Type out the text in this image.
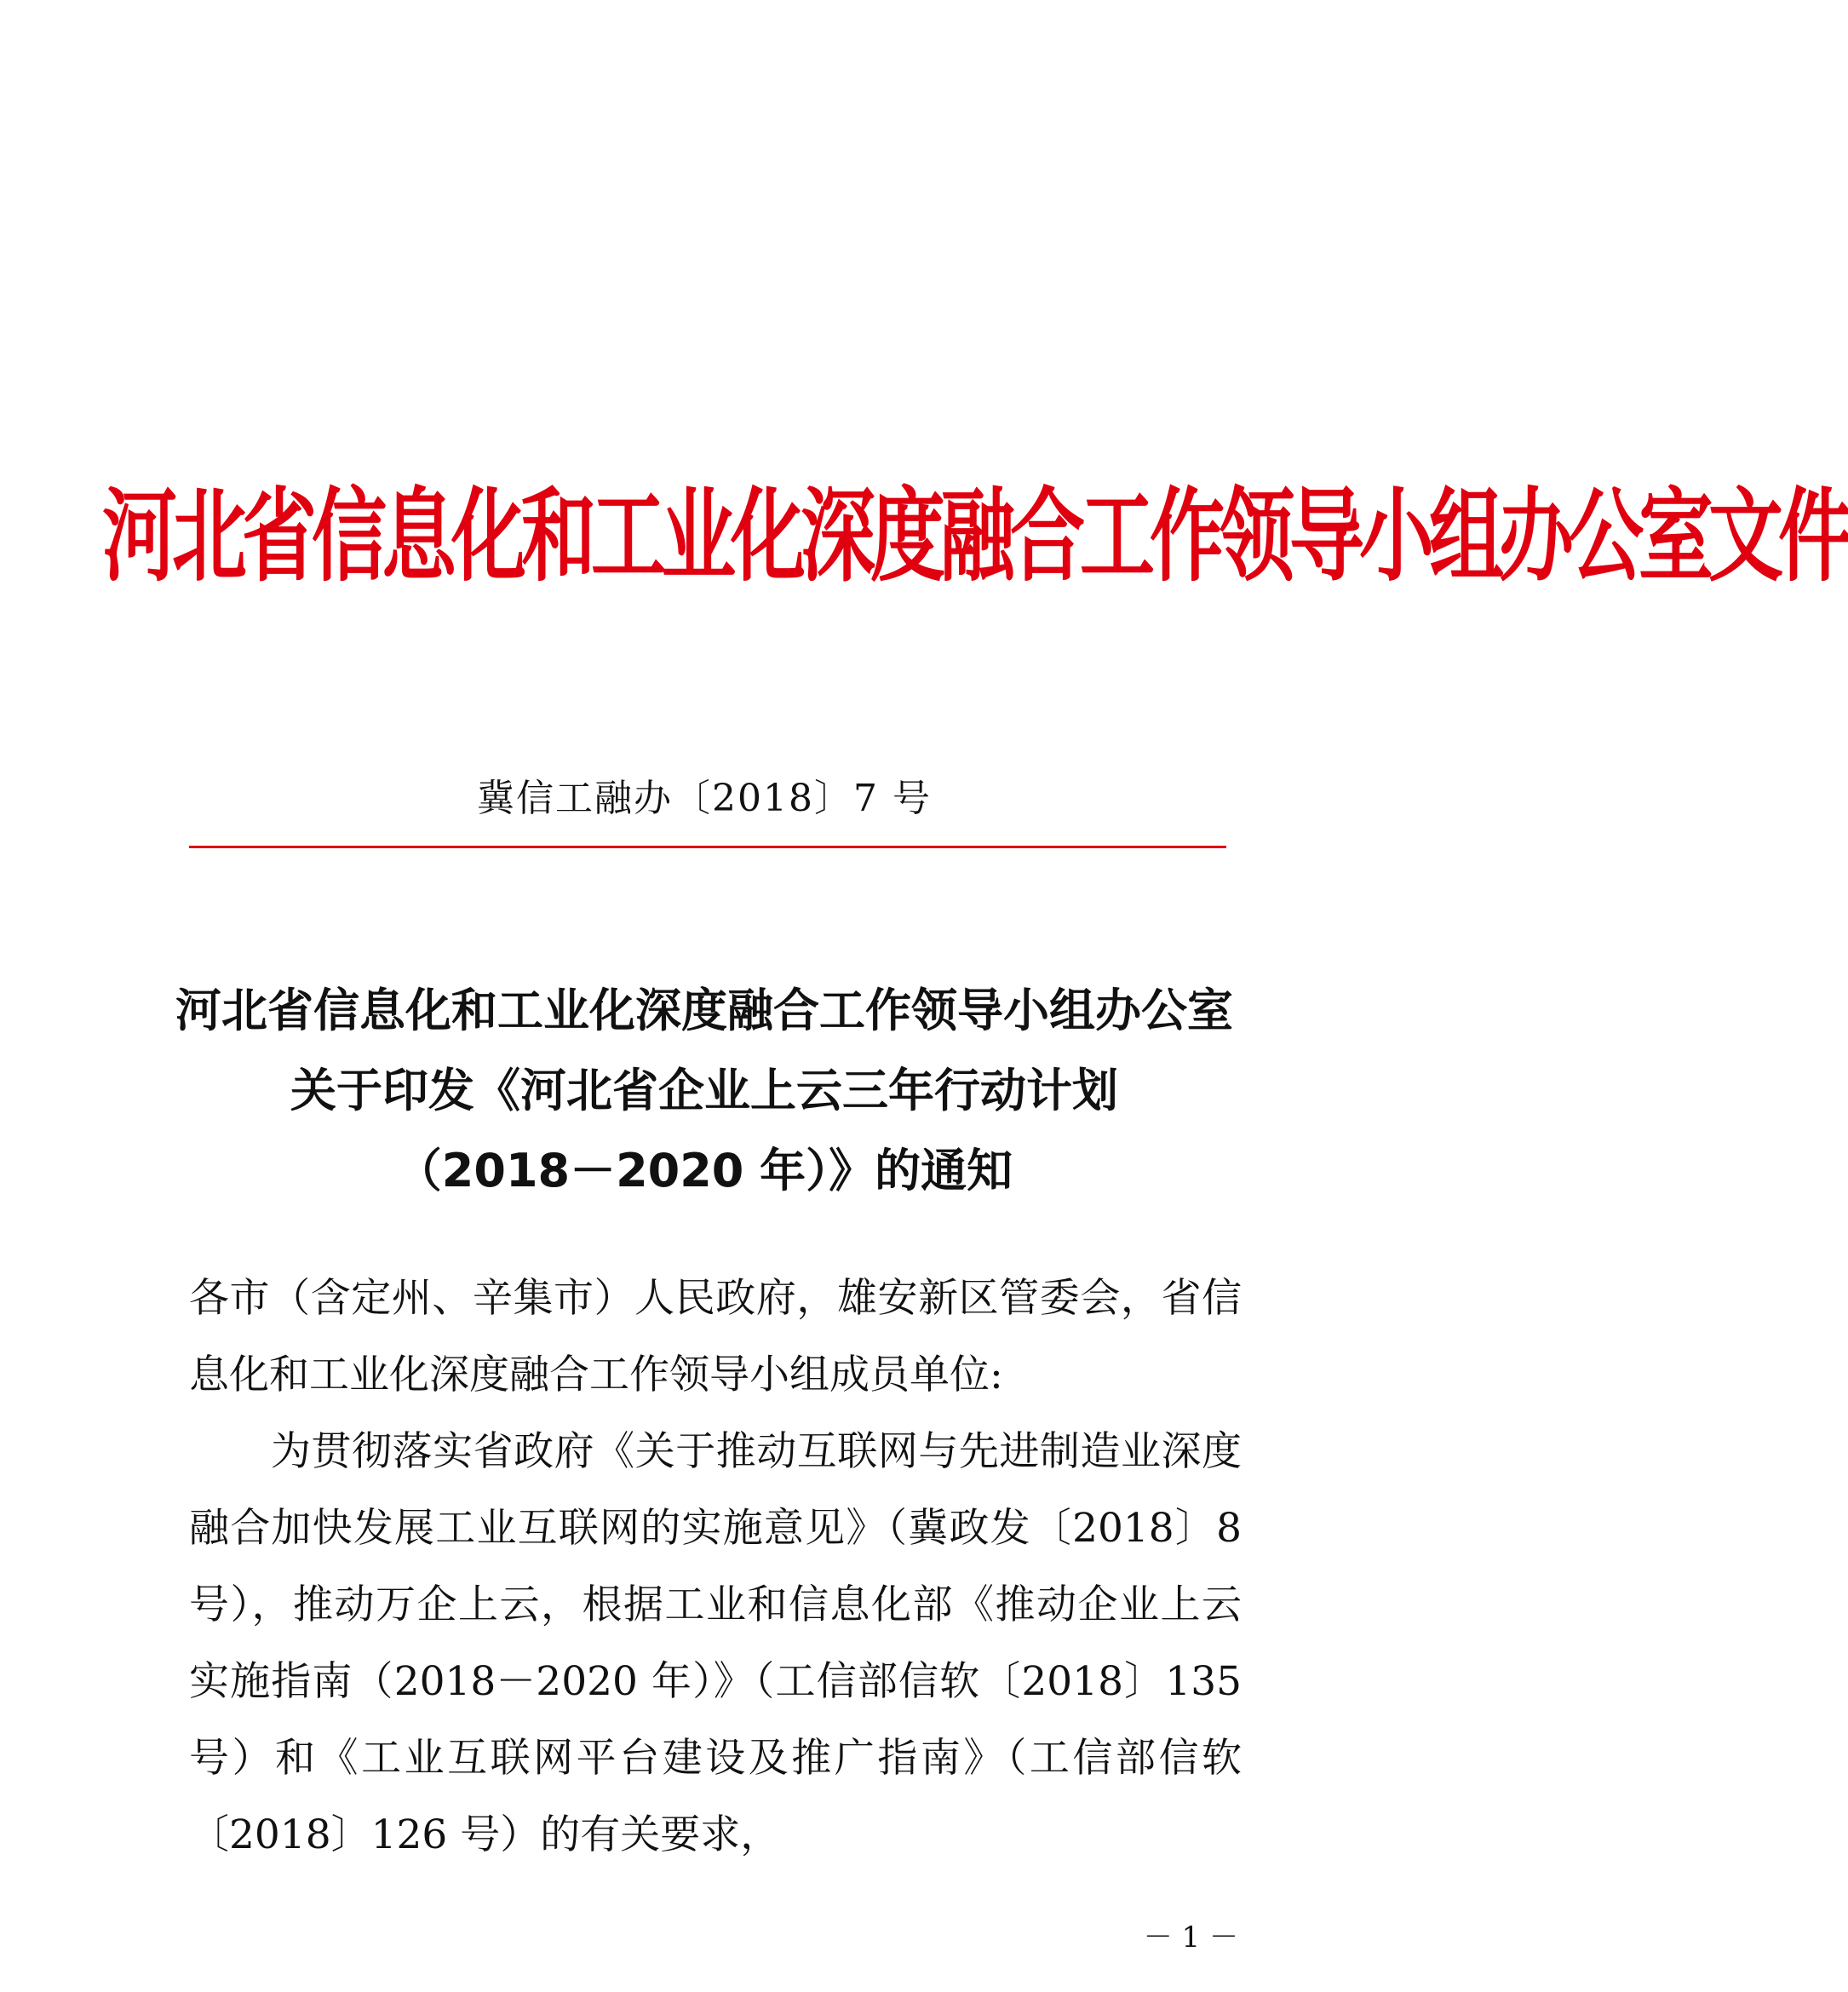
河北省信息化和工业化深度融合工作领导小组办公室文件
冀信工融办〔2018〕7 号
河北省信息化和工业化深度融合工作领导小组办公室
关于印发《河北省企业上云三年行动计划
（2018－2020 年）》的通知

各市（含定州、辛集市）人民政府，雄安新区管委会，省信息化和工业化深度融合工作领导小组成员单位:

为贯彻落实省政府《关于推动互联网与先进制造业深度融合加快发展工业互联网的实施意见》（冀政发〔2018〕8 号），推动万企上云，根据工业和信息化部《推动企业上云实施指南（2018－2020 年）》（工信部信软〔2018〕135 号）和《工业互联网平台建设及推广指南》（工信部信软〔2018〕126 号）的有关要求，

－ 1 －
